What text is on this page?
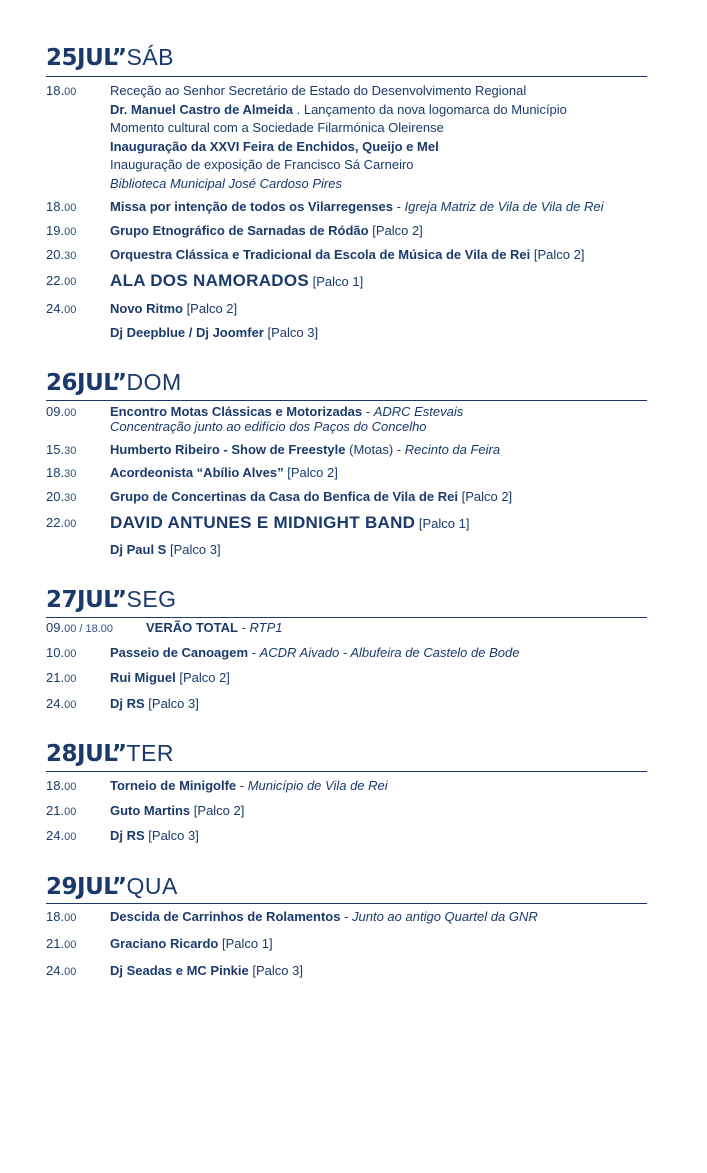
25JUL”SÁB
18.00	Receção ao Senhor Secretário de Estado do Desenvolvimento Regional
Dr. Manuel Castro de Almeida . Lançamento da nova logomarca do Município
Momento cultural com a Sociedade Filarmónica Oleirense
Inauguração da XXVI Feira de Enchidos, Queijo e Mel
Inauguração de exposição de Francisco Sá Carneiro
Biblioteca Municipal José Cardoso Pires
18.00	Missa por intenção de todos os Vilarregenses - Igreja Matriz de Vila de Vila de Rei
19.00	Grupo Etnográfico de Sarnadas de Ródão [Palco 2]
20.30	Orquestra Clássica e Tradicional da Escola de Música de Vila de Rei [Palco 2]
22.00 ALA DOS NAMORADOS [Palco 1]
24.00	Novo Ritmo [Palco 2]
Dj Deepblue / Dj Joomfer [Palco 3]
26JUL”DOM
09.00	Encontro Motas Clássicas e Motorizadas - ADRC Estevais
Concentração junto ao edifício dos Paços do Concelho
15.30	Humberto Ribeiro - Show de Freestyle (Motas) - Recinto da Feira
18.30	Acordeonista “Abílio Alves” [Palco 2]
20.30	Grupo de Concertinas da Casa do Benfica de Vila de Rei [Palco 2]
22.00 DAVID ANTUNES E MIDNIGHT BAND [Palco 1]
Dj Paul S [Palco 3]
27JUL”SEG
09.00 / 18.00	VERÃO TOTAL - RTP1
10.00	Passeio de Canoagem - ACDR Aivado - Albufeira de Castelo de Bode
21.00	Rui Miguel [Palco 2]
24.00	Dj RS [Palco 3]
28JUL”TER
18.00	Torneio de Minigolfe - Município de Vila de Rei
21.00	Guto Martins [Palco 2]
24.00	Dj RS [Palco 3]
29JUL”QUA
18.00	Descida de Carrinhos de Rolamentos - Junto ao antigo Quartel da GNR
21.00	Graciano Ricardo [Palco 1]
24.00	Dj Seadas e MC Pinkie [Palco 3]
